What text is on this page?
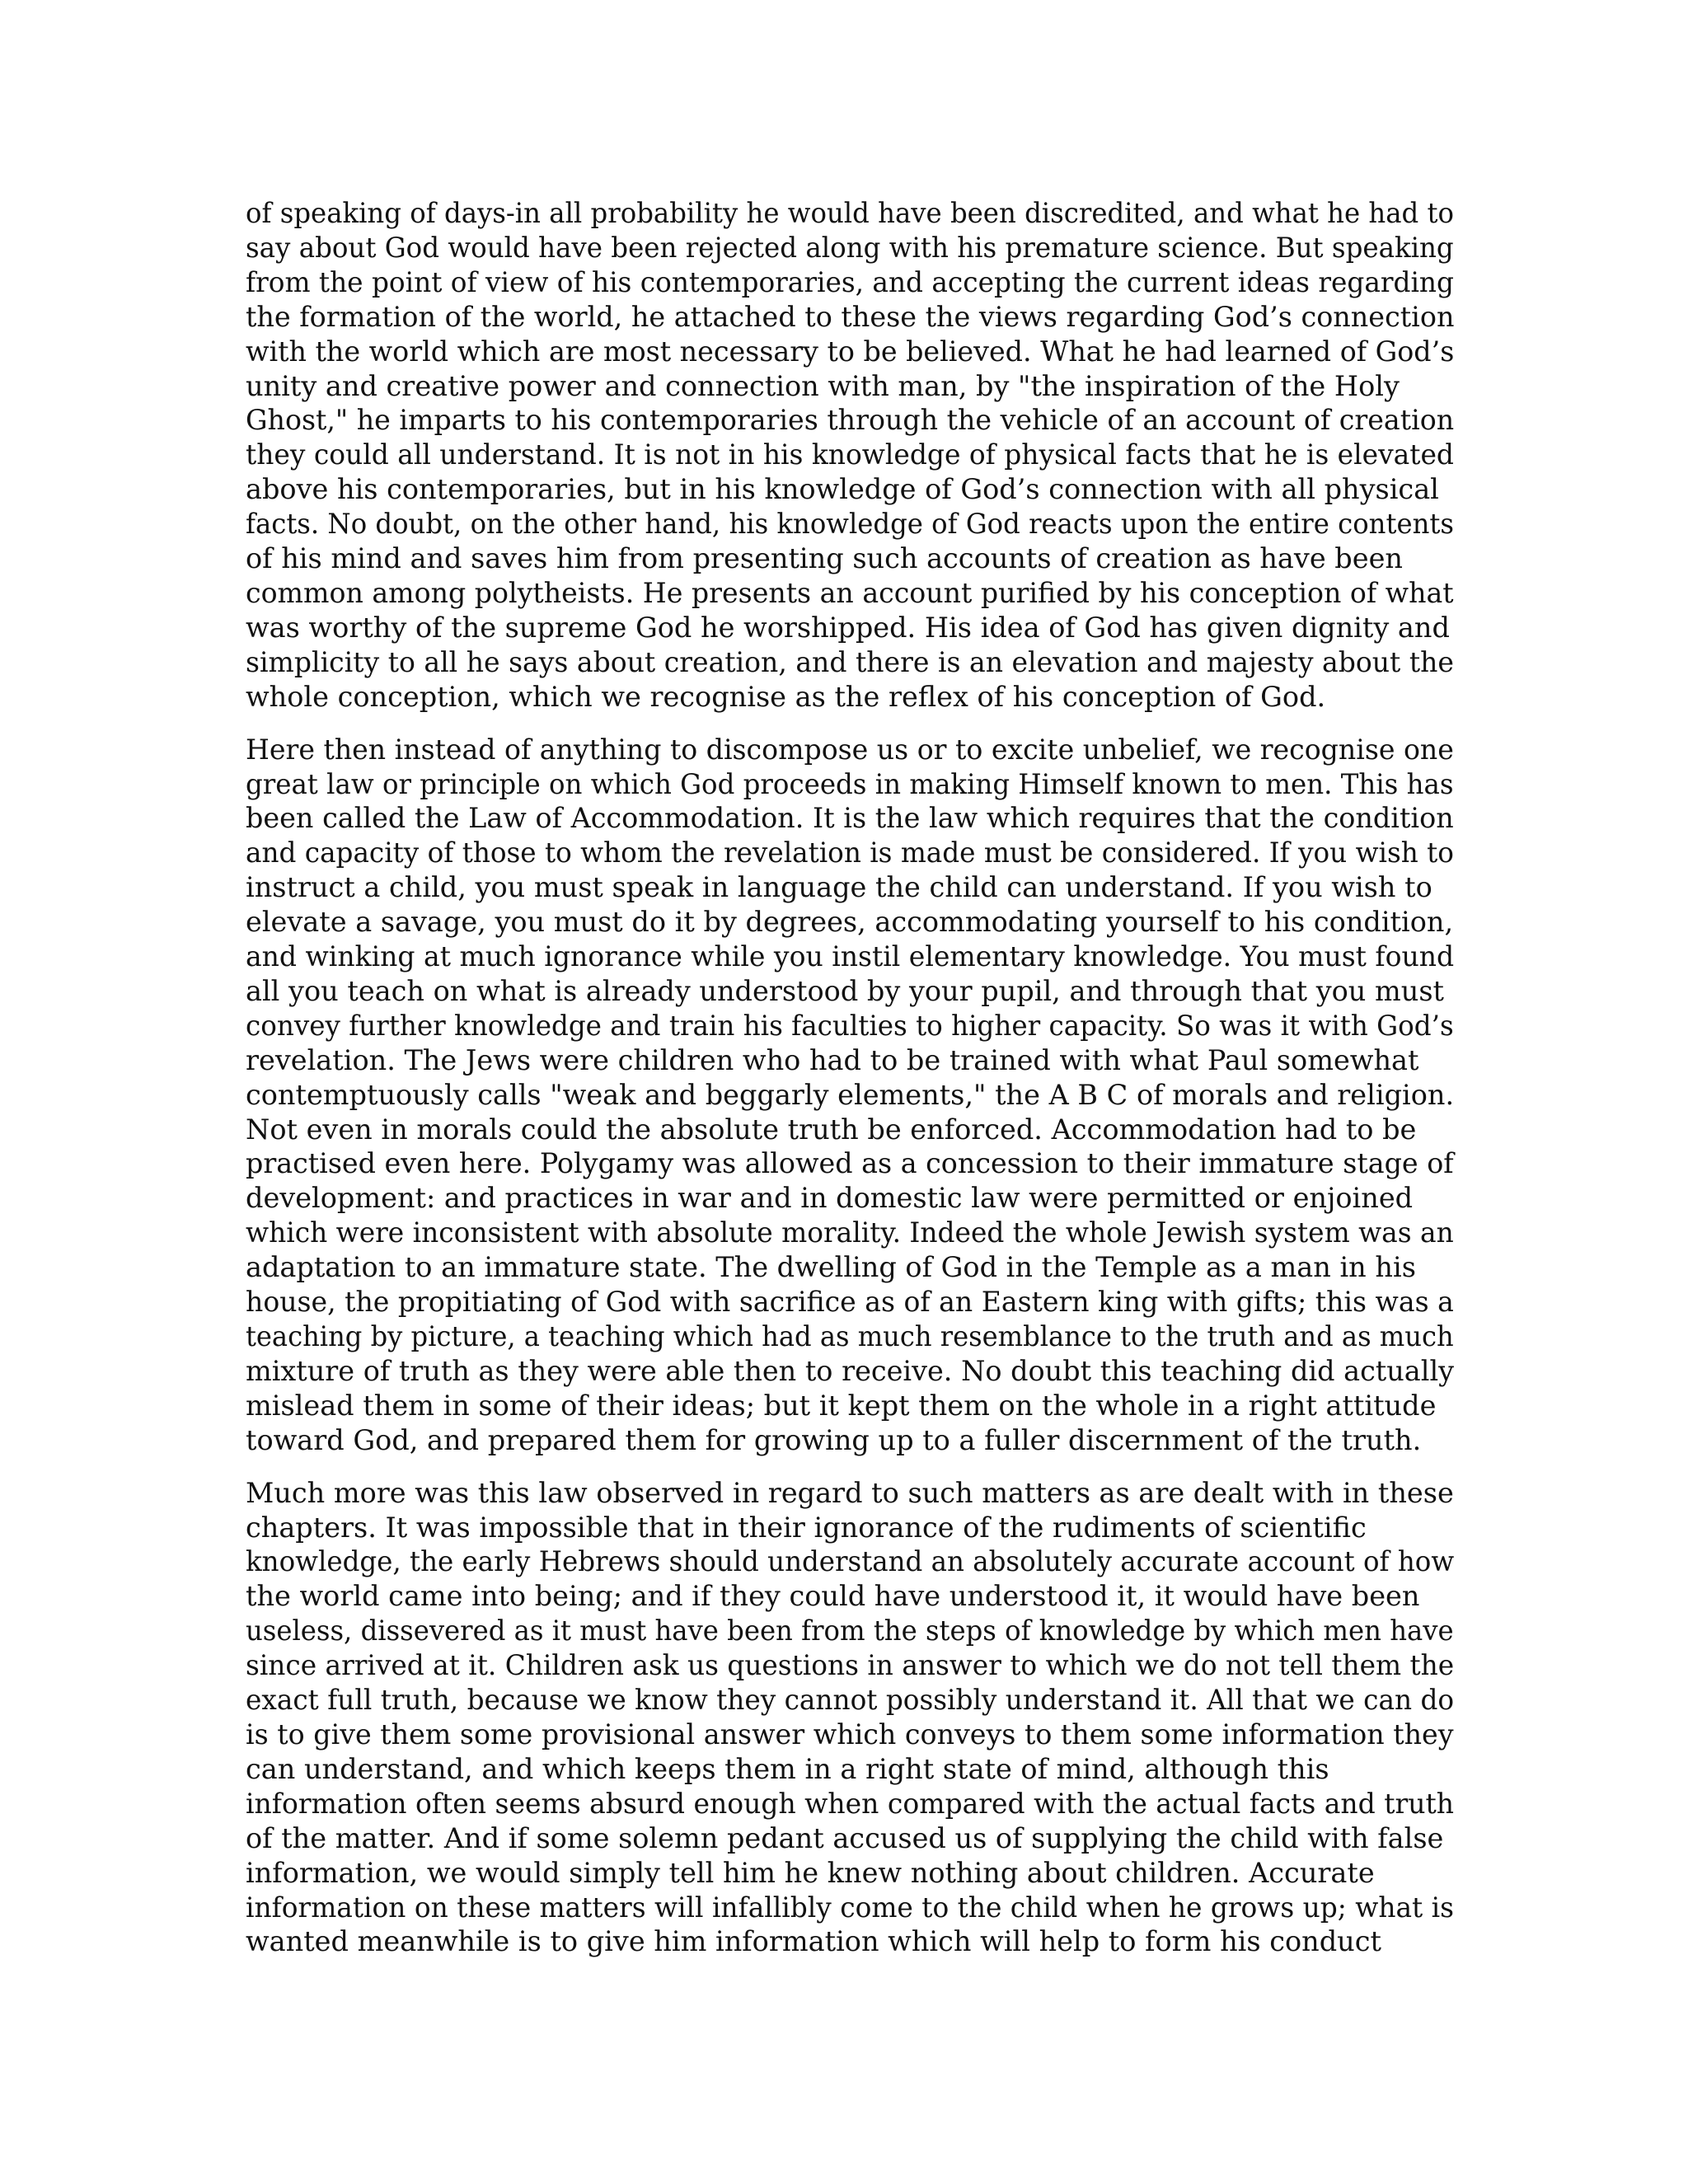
of speaking of days-in all probability he would have been discredited, and what he had to
say about God would have been rejected along with his premature science. But speaking
from the point of view of his contemporaries, and accepting the current ideas regarding
the formation of the world, he attached to these the views regarding God’s connection
with the world which are most necessary to be believed. What he had learned of God’s
unity and creative power and connection with man, by "the inspiration of the Holy
Ghost," he imparts to his contemporaries through the vehicle of an account of creation
they could all understand. It is not in his knowledge of physical facts that he is elevated
above his contemporaries, but in his knowledge of God’s connection with all physical
facts. No doubt, on the other hand, his knowledge of God reacts upon the entire contents
of his mind and saves him from presenting such accounts of creation as have been
common among polytheists. He presents an account purified by his conception of what
was worthy of the supreme God he worshipped. His idea of God has given dignity and
simplicity to all he says about creation, and there is an elevation and majesty about the
whole conception, which we recognise as the reflex of his conception of God.
Here then instead of anything to discompose us or to excite unbelief, we recognise one
great law or principle on which God proceeds in making Himself known to men. This has
been called the Law of Accommodation. It is the law which requires that the condition
and capacity of those to whom the revelation is made must be considered. If you wish to
instruct a child, you must speak in language the child can understand. If you wish to
elevate a savage, you must do it by degrees, accommodating yourself to his condition,
and winking at much ignorance while you instil elementary knowledge. You must found
all you teach on what is already understood by your pupil, and through that you must
convey further knowledge and train his faculties to higher capacity. So was it with God’s
revelation. The Jews were children who had to be trained with what Paul somewhat
contemptuously calls "weak and beggarly elements," the A B C of morals and religion.
Not even in morals could the absolute truth be enforced. Accommodation had to be
practised even here. Polygamy was allowed as a concession to their immature stage of
development: and practices in war and in domestic law were permitted or enjoined
which were inconsistent with absolute morality. Indeed the whole Jewish system was an
adaptation to an immature state. The dwelling of God in the Temple as a man in his
house, the propitiating of God with sacrifice as of an Eastern king with gifts; this was a
teaching by picture, a teaching which had as much resemblance to the truth and as much
mixture of truth as they were able then to receive. No doubt this teaching did actually
mislead them in some of their ideas; but it kept them on the whole in a right attitude
toward God, and prepared them for growing up to a fuller discernment of the truth.
Much more was this law observed in regard to such matters as are dealt with in these
chapters. It was impossible that in their ignorance of the rudiments of scientific
knowledge, the early Hebrews should understand an absolutely accurate account of how
the world came into being; and if they could have understood it, it would have been
useless, dissevered as it must have been from the steps of knowledge by which men have
since arrived at it. Children ask us questions in answer to which we do not tell them the
exact full truth, because we know they cannot possibly understand it. All that we can do
is to give them some provisional answer which conveys to them some information they
can understand, and which keeps them in a right state of mind, although this
information often seems absurd enough when compared with the actual facts and truth
of the matter. And if some solemn pedant accused us of supplying the child with false
information, we would simply tell him he knew nothing about children. Accurate
information on these matters will infallibly come to the child when he grows up; what is
wanted meanwhile is to give him information which will help to form his conduct
